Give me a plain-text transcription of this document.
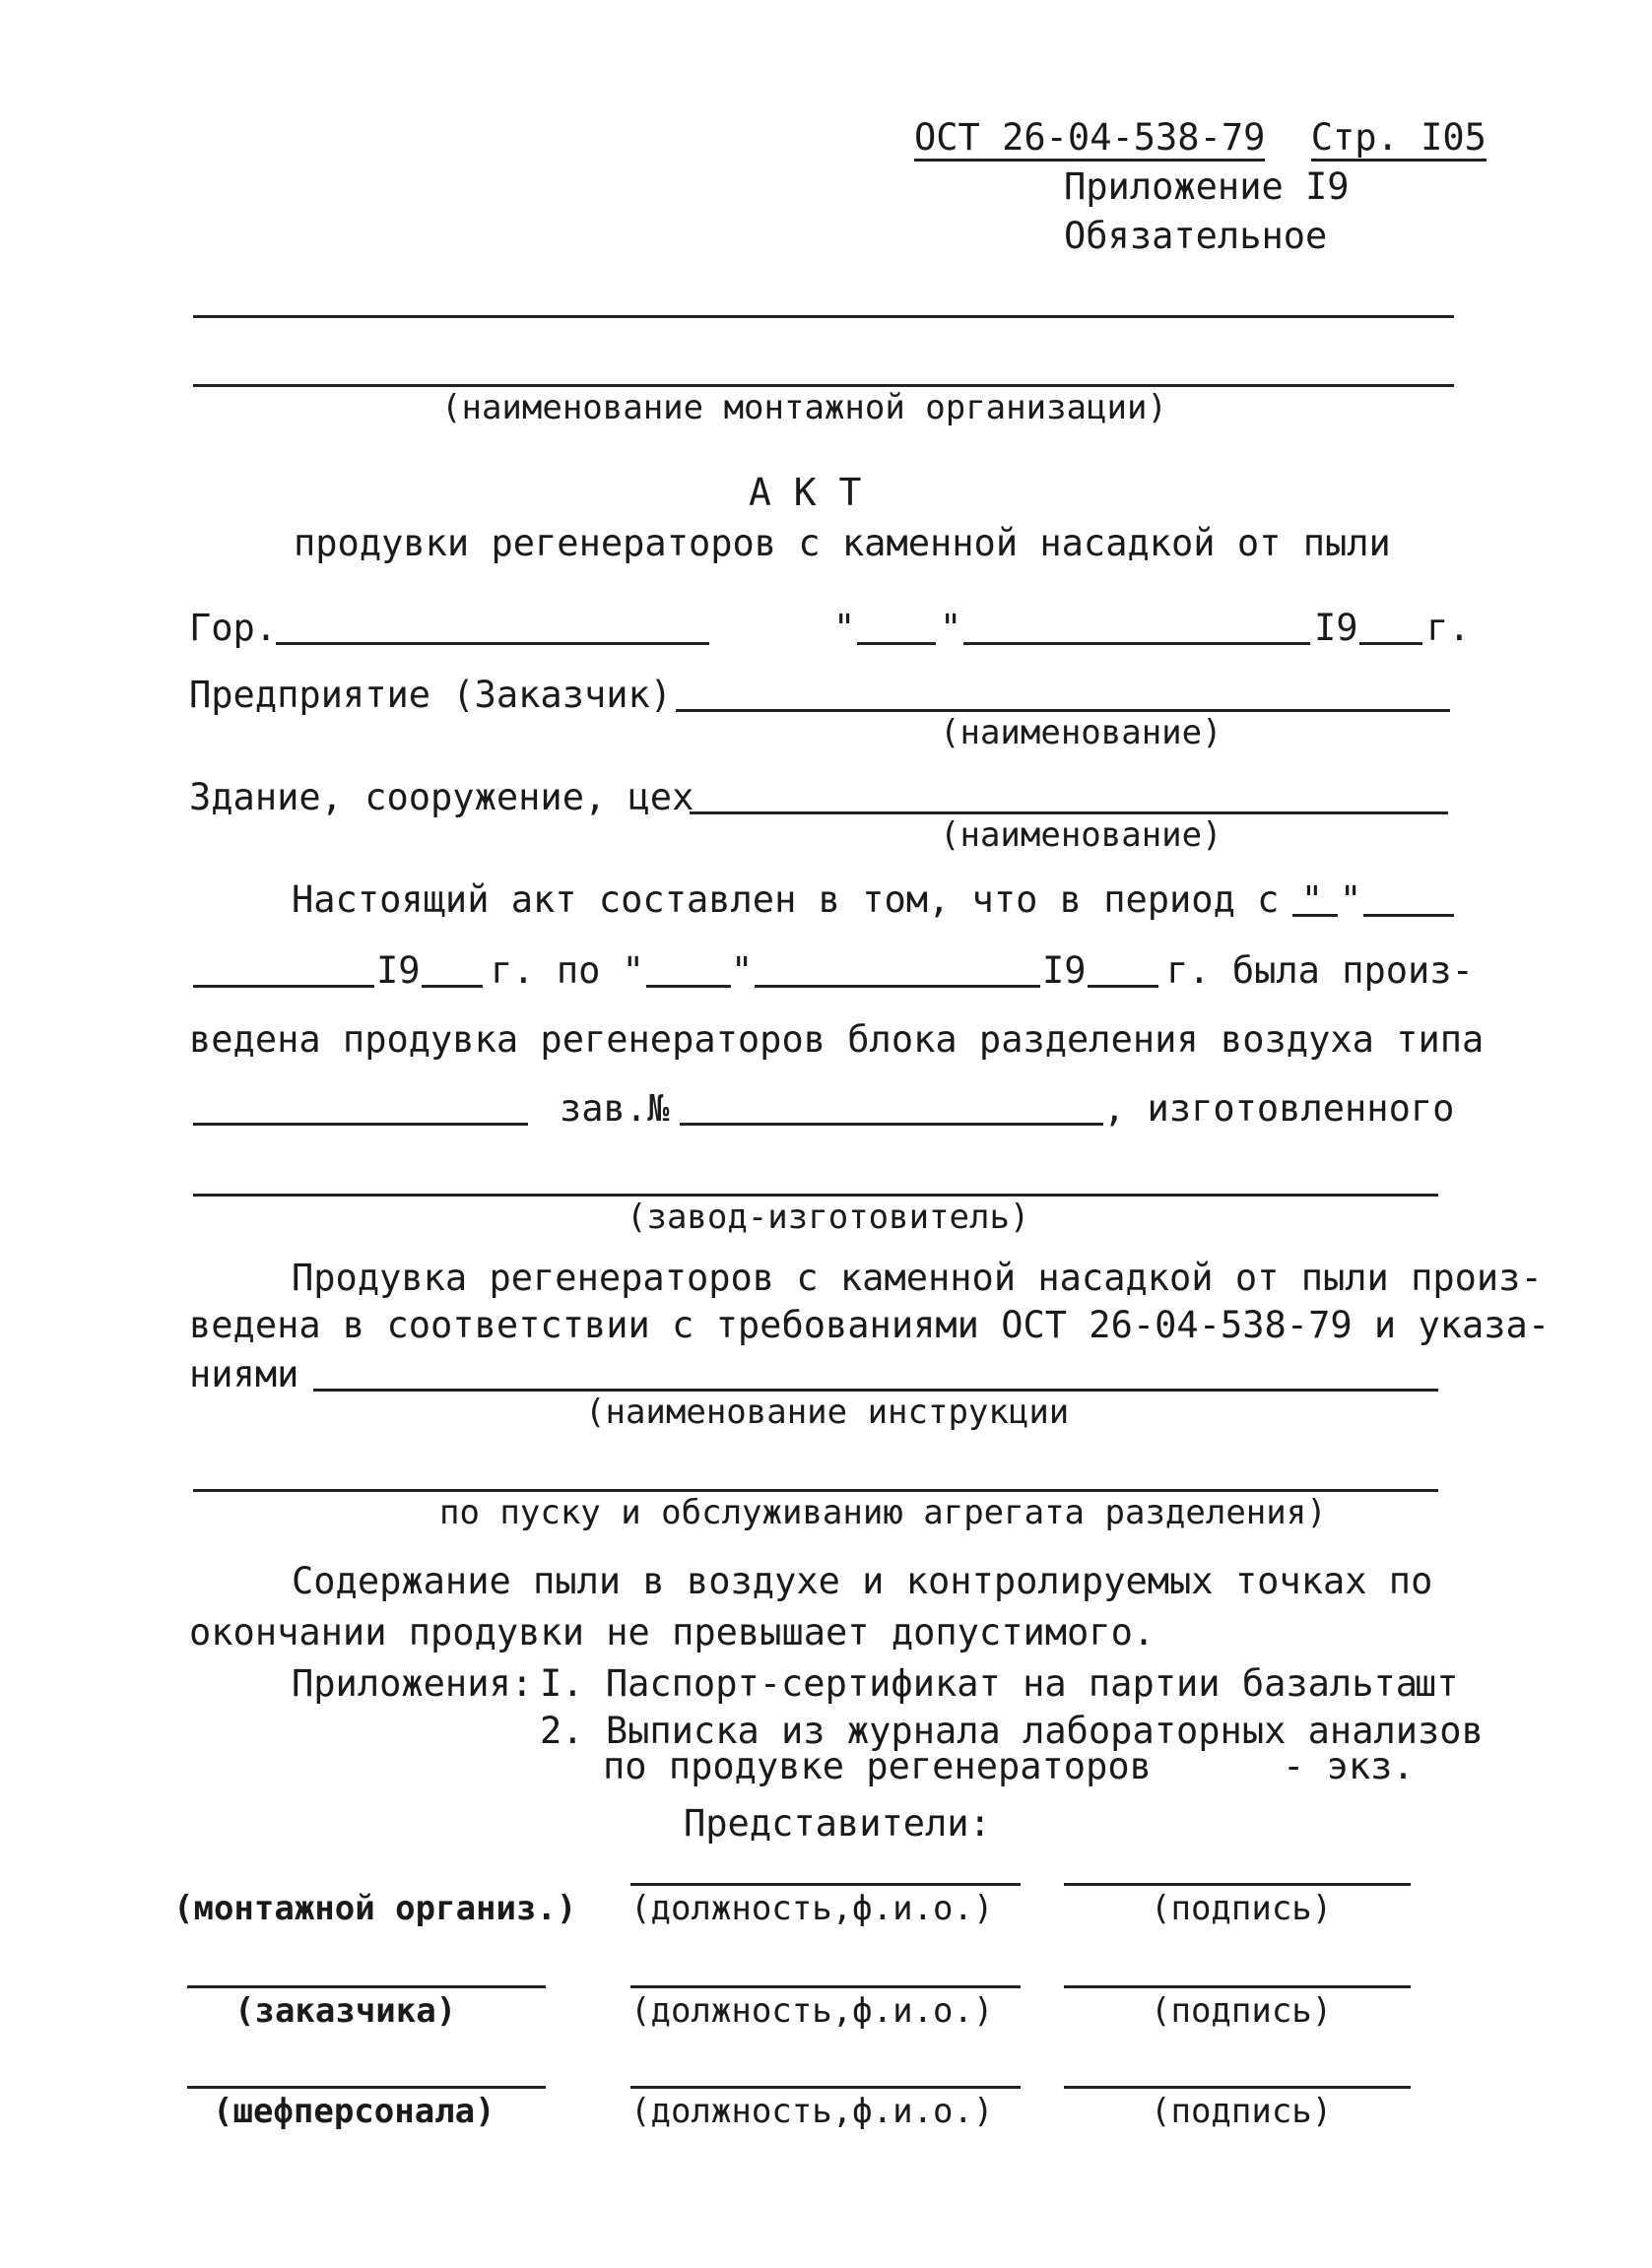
ОСТ 26-04-538-79 Стр. I05
Приложение I9
Обязательное
(наименование монтажной организации)
А К Т
продувки регенераторов с каменной насадкой от пыли
Гор.	" "	I9 г.
Предприятие (Заказчик)
(наименование)
Здание, сооружение, цех
(наименование)
Настоящий акт составлен в том, что в период с " "
I9 г. по " "	I9 г. была произ-
ведена продувка регенераторов блока разделения воздуха типа
зав.№	, изготовленного
(завод-изготовитель)
Продувка регенераторов с каменной насадкой от пыли произ-
ведена в соответствии с требованиями ОСТ 26-04-538-79 и указа-
ниями
(наименование инструкции
по пуску и обслуживанию агрегата разделения)
Содержание пыли в воздухе и контролируемых точках по
окончании продувки не превышает допустимого.
Приложения: I. Паспорт-сертификат на партии базальта
шт
2. Выписка из журнала лабораторных анализов
по продувке регенераторов	- экз.
Представители:
(монтажной организ.) (должность,ф.и.о.)	(подпись)
(заказчика)	(должность,ф.и.о.)	(подпись)
(шефперсонала)	(должность,ф.и.о.)	(подпись)
